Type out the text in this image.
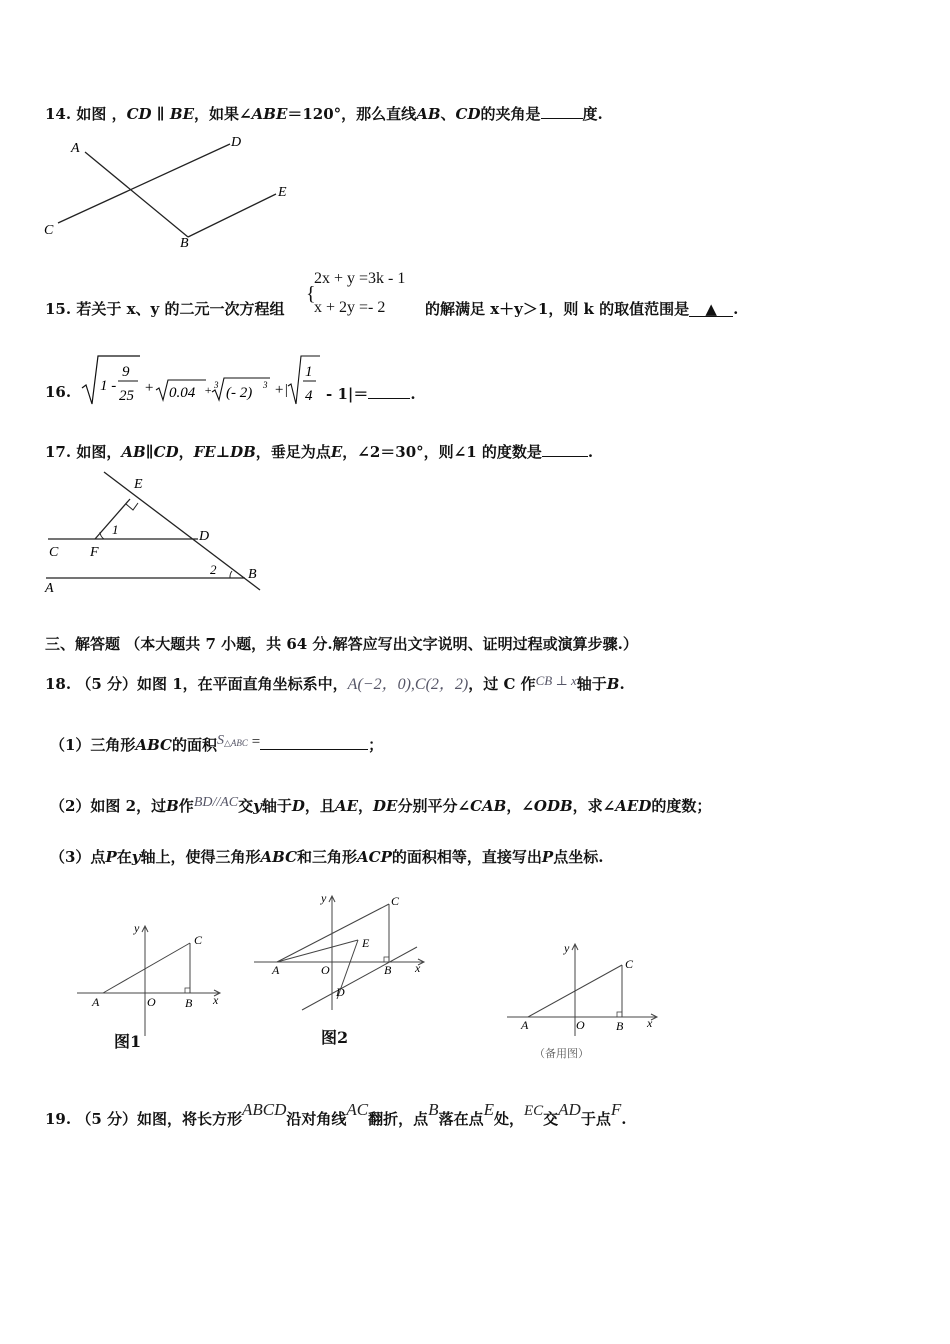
14. 如图 ，CD ∥ BE，如果∠ABE＝120°，那么直线AB、CD的夹角是	度.
A	D
E
C
B
15. 若关于 x、y 的二元一次方程组
{
2x + y =3k - 1
x + 2y =- 2	的解满足 x＋y＞1，则 k 的取值范围是 ▲ .
16. 1 -
9
25 + 0.04 + 3 (- 2) 3 + |
1
4 - 1|＝	.
17. 如图，AB∥CD，FE⊥DB，垂足为点E，∠2＝30°，则∠1 的度数是	.
E
1	D
C F
2 B
A
三、解答题 （本大题共 7 小题，共 64 分.解答应写出文字说明、证明过程或演算步骤.）
18. （5 分）如图 1，在平面直角坐标系中，A(−2，0),C(2，2)，过 C 作CB ⊥ x轴于B.
（1）三角形ABC的面积$S^{\triangle ABC}$ =	；
（2）如图 2，过B作BD//AC交y轴于D，且AE，DE分别平分∠CAB，∠ODB，求∠AED的度数；
（3）点P在y轴上，使得三角形ABC和三角形ACP的面积相等，直接写出P点坐标.
y
C
A	O B x
图1
y	C
E
A	O	B x
D
图2
y
C
A	O	B x
（备用图）
19. （5 分）如图，将长方形ABCD沿对角线AC翻折，点B落在点E处，EC交AD于点F.
